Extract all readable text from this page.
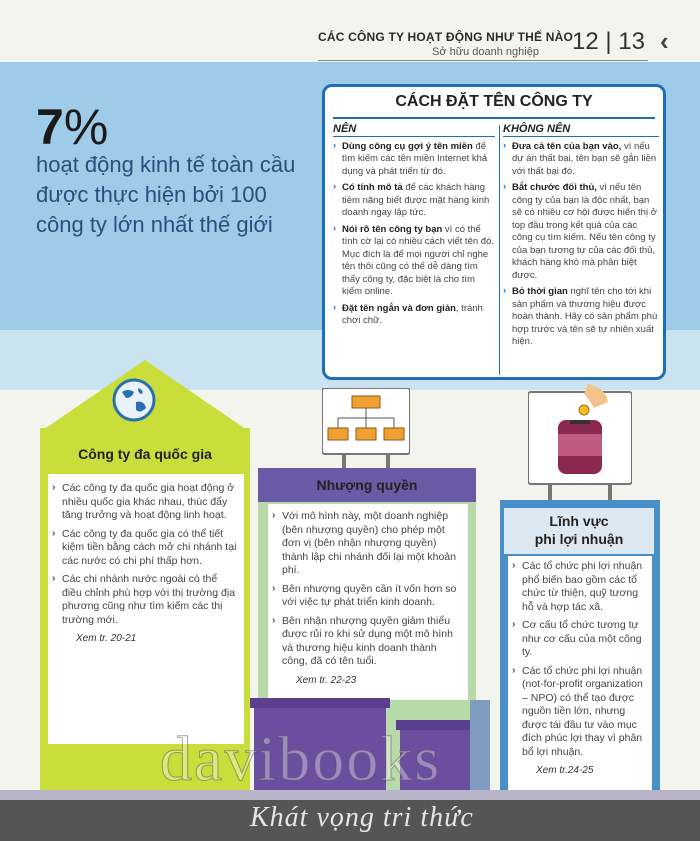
CÁC CÔNG TY HOẠT ĐỘNG NHƯ THẾ NÀO
Sở hữu doanh nghiệp 12 | 13 ‹
7%
hoạt động kinh tế toàn cầu được thực hiện bởi 100 công ty lớn nhất thế giới
CÁCH ĐẶT TÊN CÔNG TY
NÊN
› Dùng công cụ gợi ý tên miền để tìm kiếm các tên miền Internet khả dụng và phát triển từ đó.
› Có tính mô tả để các khách hàng tiềm năng biết được mặt hàng kinh doanh ngay lập tức.
› Nói rõ tên công ty bạn vì có thể tình cờ lại có nhiều cách viết tên đó. Mục đích là để mọi người chỉ nghe tên thôi cũng có thể dễ dàng tìm thấy công ty, đặc biệt là cho tìm kiếm online.
› Đặt tên ngắn và đơn giản, tránh chơi chữ.
KHÔNG NÊN
› Đưa cả tên của bạn vào, vì nếu dự án thất bại, tên bạn sẽ gắn liền với thất bại đó.
› Bắt chước đối thủ, vì nếu tên công ty của bạn là độc nhất, bạn sẽ có nhiều cơ hội được hiển thị ở top đầu trong kết quả của các công cụ tìm kiếm. Nếu tên công ty của bạn tương tự của các đối thủ, khách hàng khó mà phân biệt được.
› Bỏ thời gian nghĩ tên cho tới khi sản phẩm và thương hiệu được hoàn thành. Hãy có sản phẩm phù hợp trước và tên sẽ tự nhiên xuất hiện.
Công ty đa quốc gia
› Các công ty đa quốc gia hoạt động ở nhiều quốc gia khác nhau, thúc đẩy tăng trưởng và hoạt động linh hoạt.
› Các công ty đa quốc gia có thể tiết kiệm tiền bằng cách mở chi nhánh tại các nước có chi phí thấp hơn.
› Các chi nhánh nước ngoài có thể điều chỉnh phù hợp với thị trường địa phương cũng như tìm kiếm các thị trường mới.
Xem tr. 20-21
Nhượng quyền
› Với mô hình này, một doanh nghiệp (bên nhượng quyền) cho phép một đơn vị (bên nhận nhượng quyền) thành lập chi nhánh đối lại một khoản phí.
› Bên nhượng quyền cần ít vốn hơn so với việc tự phát triển kinh doanh.
› Bên nhận nhượng quyền giảm thiểu được rủi ro khi sử dụng một mô hình và thương hiệu kinh doanh thành công, đã có tên tuổi.
Xem tr. 22-23
Lĩnh vực
phi lợi nhuận
› Các tổ chức phi lợi nhuận phổ biến bao gồm các tổ chức từ thiện, quỹ tương hỗ và hợp tác xã.
› Cơ cấu tổ chức tương tự như cơ cấu của một công ty.
› Các tổ chức phi lợi nhuận (not-for-profit organization – NPO) có thể tạo được nguồn tiền lớn, nhưng được tái đầu tư vào mục đích phúc lợi thay vì phân bổ lợi nhuận.
Xem tr.24-25
davibooks
Khát vọng tri thức
